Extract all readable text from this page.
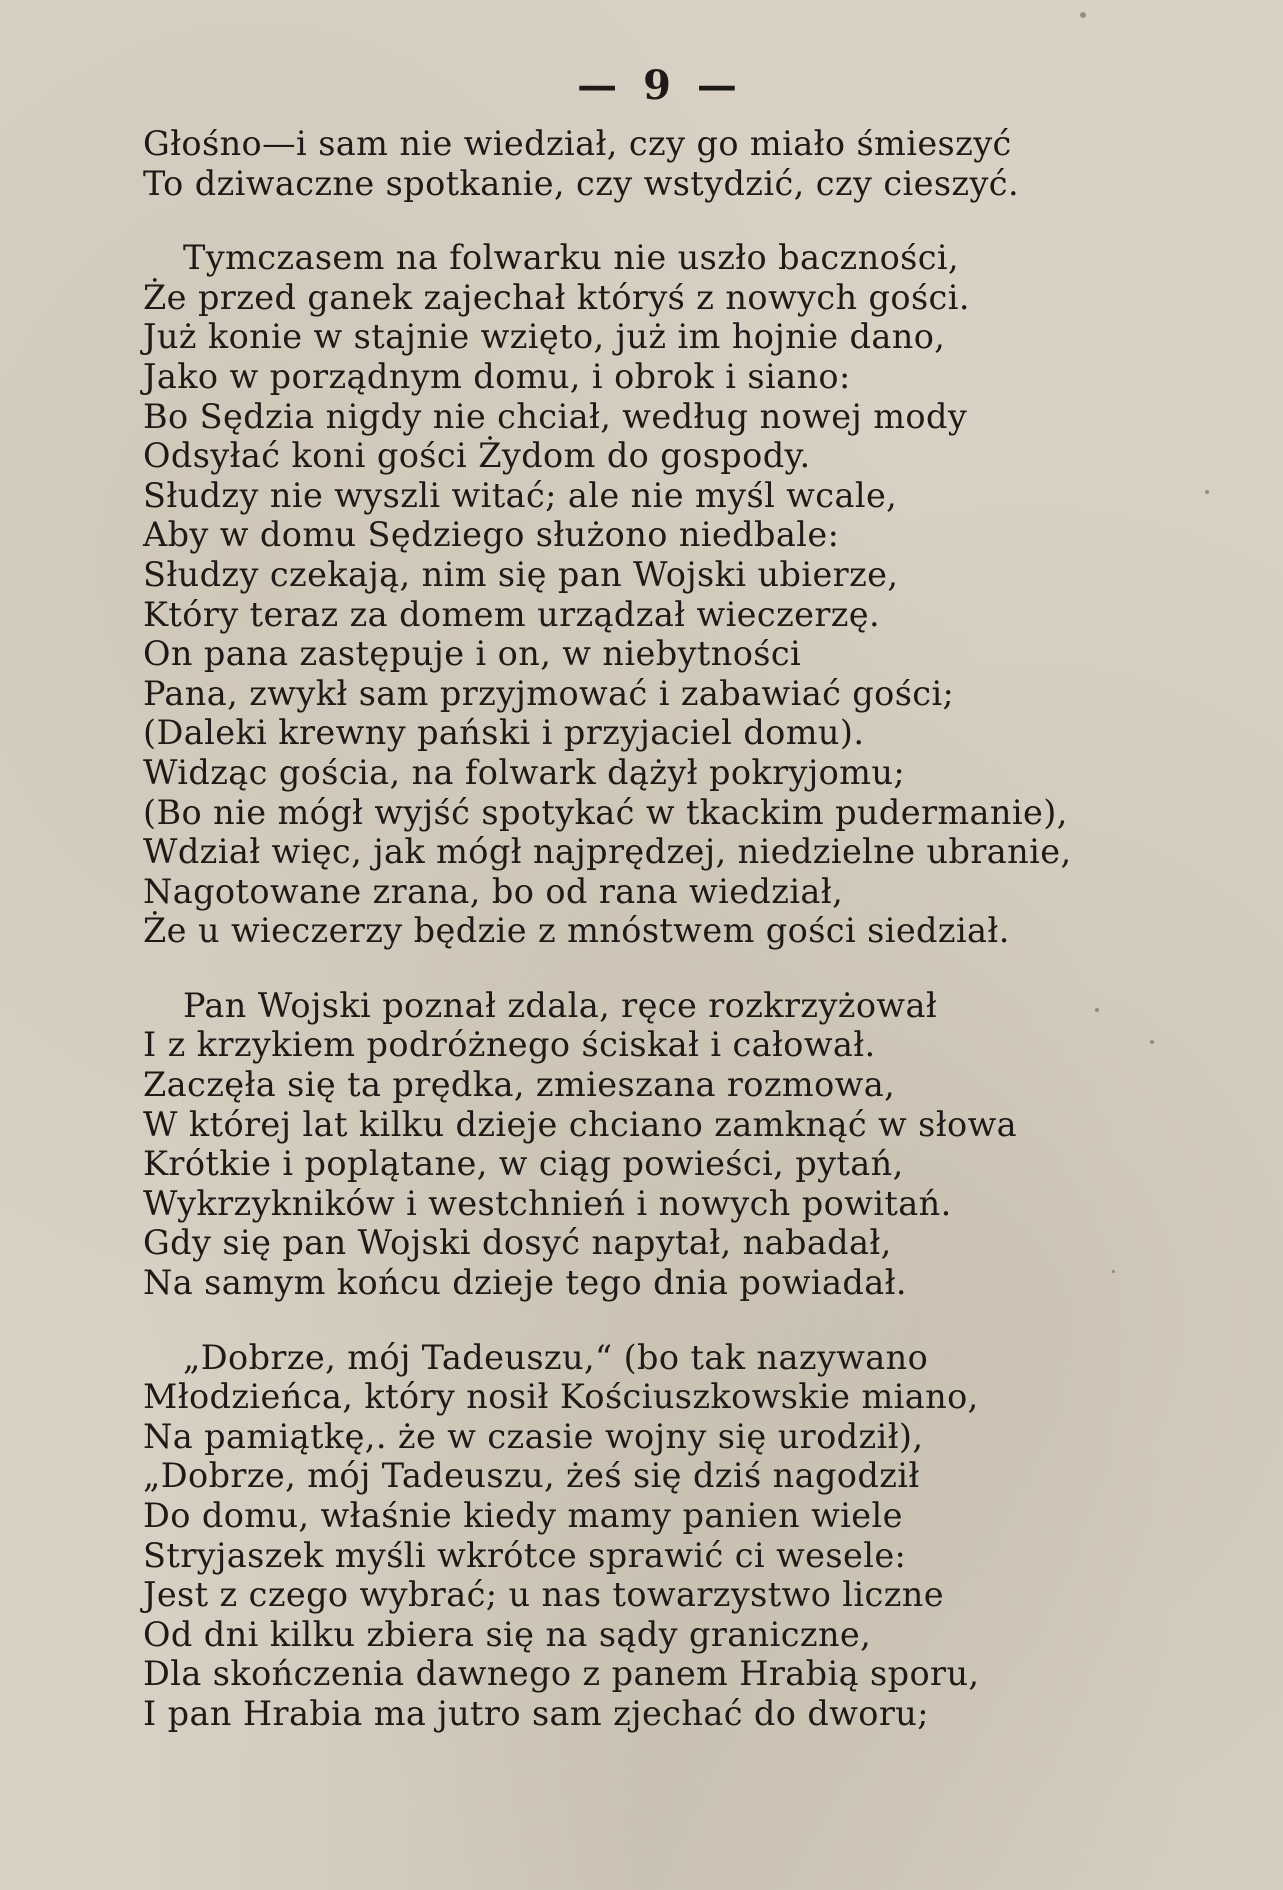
— 9 —
Głośno—i sam nie wiedział, czy go miało śmieszyć
To dziwaczne spotkanie, czy wstydzić, czy cieszyć.
Tymczasem na folwarku nie uszło baczności,
Że przed ganek zajechał któryś z nowych gości.
Już konie w stajnie wzięto, już im hojnie dano,
Jako w porządnym domu, i obrok i siano:
Bo Sędzia nigdy nie chciał, według nowej mody
Odsyłać koni gości Żydom do gospody.
Słudzy nie wyszli witać; ale nie myśl wcale,
Aby w domu Sędziego służono niedbale:
Słudzy czekają, nim się pan Wojski ubierze,
Który teraz za domem urządzał wieczerzę.
On pana zastępuje i on, w niebytności
Pana, zwykł sam przyjmować i zabawiać gości;
(Daleki krewny pański i przyjaciel domu).
Widząc gościa, na folwark dążył pokryjomu;
(Bo nie mógł wyjść spotykać w tkackim pudermanie),
Wdział więc, jak mógł najprędzej, niedzielne ubranie,
Nagotowane zrana, bo od rana wiedział,
Że u wieczerzy będzie z mnóstwem gości siedział.
Pan Wojski poznał zdala, ręce rozkrzyżował
I z krzykiem podróżnego ściskał i całował.
Zaczęła się ta prędka, zmieszana rozmowa,
W której lat kilku dzieje chciano zamknąć w słowa
Krótkie i poplątane, w ciąg powieści, pytań,
Wykrzykników i westchnień i nowych powitań.
Gdy się pan Wojski dosyć napytał, nabadał,
Na samym końcu dzieje tego dnia powiadał.
„Dobrze, mój Tadeuszu,“ (bo tak nazywano
Młodzieńca, który nosił Kościuszkowskie miano,
Na pamiątkę,. że w czasie wojny się urodził),
„Dobrze, mój Tadeuszu, żeś się dziś nagodził
Do domu, właśnie kiedy mamy panien wiele
Stryjaszek myśli wkrótce sprawić ci wesele:
Jest z czego wybrać; u nas towarzystwo liczne
Od dni kilku zbiera się na sądy graniczne,
Dla skończenia dawnego z panem Hrabią sporu,
I pan Hrabia ma jutro sam zjechać do dworu;
